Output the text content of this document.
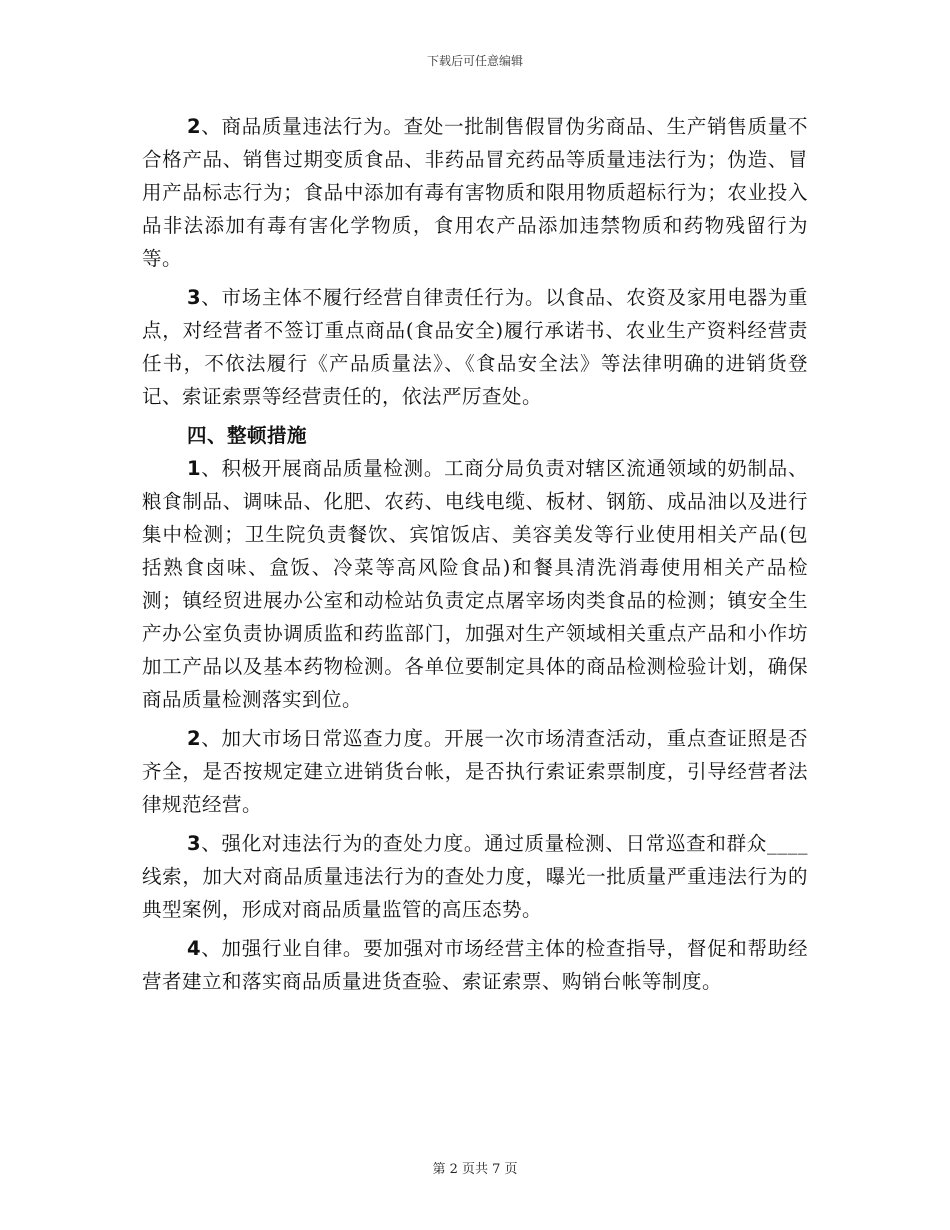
下载后可任意编辑

2、商品质量违法行为。查处一批制售假冒伪劣商品、生产销售质量不合格产品、销售过期变质食品、非药品冒充药品等质量违法行为；伪造、冒用产品标志行为；食品中添加有毒有害物质和限用物质超标行为；农业投入品非法添加有毒有害化学物质，食用农产品添加违禁物质和药物残留行为等。

3、市场主体不履行经营自律责任行为。以食品、农资及家用电器为重点，对经营者不签订重点商品(食品安全)履行承诺书、农业生产资料经营责任书，不依法履行《产品质量法》、《食品安全法》等法律明确的进销货登记、索证索票等经营责任的，依法严厉查处。

四、整顿措施

1、积极开展商品质量检测。工商分局负责对辖区流通领域的奶制品、粮食制品、调味品、化肥、农药、电线电缆、板材、钢筋、成品油以及进行集中检测；卫生院负责餐饮、宾馆饭店、美容美发等行业使用相关产品(包括熟食卤味、盒饭、冷菜等高风险食品)和餐具清洗消毒使用相关产品检测；镇经贸进展办公室和动检站负责定点屠宰场肉类食品的检测；镇安全生产办公室负责协调质监和药监部门，加强对生产领域相关重点产品和小作坊加工产品以及基本药物检测。各单位要制定具体的商品检测检验计划，确保商品质量检测落实到位。

2、加大市场日常巡查力度。开展一次市场清查活动，重点查证照是否齐全，是否按规定建立进销货台帐，是否执行索证索票制度，引导经营者法律规范经营。

3、强化对违法行为的查处力度。通过质量检测、日常巡查和群众____线索，加大对商品质量违法行为的查处力度，曝光一批质量严重违法行为的典型案例，形成对商品质量监管的高压态势。

4、加强行业自律。要加强对市场经营主体的检查指导，督促和帮助经营者建立和落实商品质量进货查验、索证索票、购销台帐等制度。

第 2 页共 7 页
